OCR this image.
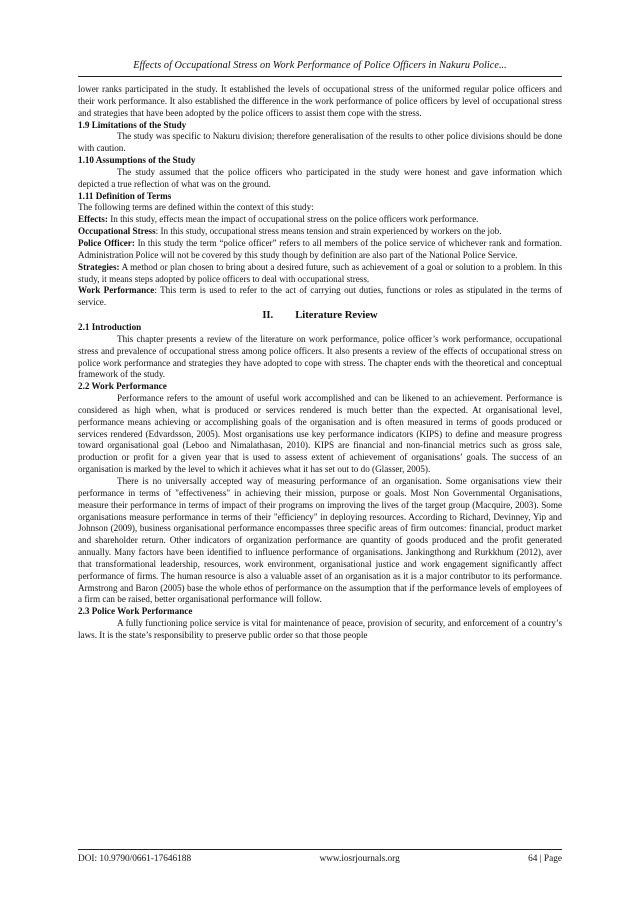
Effects of Occupational Stress on Work Performance of Police Officers in Nakuru Police...

lower ranks participated in the study. It established the levels of occupational stress of the uniformed regular police officers and their work performance. It also established the difference in the work performance of police officers by level of occupational stress and strategies that have been adopted by the police officers to assist them cope with the stress.

1.9 Limitations of the Study

The study was specific to Nakuru division; therefore generalisation of the results to other police divisions should be done with caution.

1.10 Assumptions of the Study

The study assumed that the police officers who participated in the study were honest and gave information which depicted a true reflection of what was on the ground.

1.11 Definition of Terms

The following terms are defined within the context of this study:

Effects: In this study, effects mean the impact of occupational stress on the police officers work performance.

Occupational Stress: In this study, occupational stress means tension and strain experienced by workers on the job.

Police Officer: In this study the term “police officer” refers to all members of the police service of whichever rank and formation. Administration Police will not be covered by this study though by definition are also part of the National Police Service.

Strategies: A method or plan chosen to bring about a desired future, such as achievement of a goal or solution to a problem. In this study, it means steps adopted by police officers to deal with occupational stress.

Work Performance: This term is used to refer to the act of carrying out duties, functions or roles as stipulated in the terms of service.

II. Literature Review

2.1 Introduction

This chapter presents a review of the literature on work performance, police officer’s work performance, occupational stress and prevalence of occupational stress among police officers. It also presents a review of the effects of occupational stress on police work performance and strategies they have adopted to cope with stress. The chapter ends with the theoretical and conceptual framework of the study.

2.2 Work Performance

Performance refers to the amount of useful work accomplished and can be likened to an achievement. Performance is considered as high when, what is produced or services rendered is much better than the expected. At organisational level, performance means achieving or accomplishing goals of the organisation and is often measured in terms of goods produced or services rendered (Edvardsson, 2005). Most organisations use key performance indicators (KIPS) to define and measure progress toward organisational goal (Leboo and Nimalathasan, 2010). KIPS are financial and non-financial metrics such as gross sale, production or profit for a given year that is used to assess extent of achievement of organisations’ goals. The success of an organisation is marked by the level to which it achieves what it has set out to do (Glasser, 2005).

There is no universally accepted way of measuring performance of an organisation. Some organisations view their performance in terms of "effectiveness" in achieving their mission, purpose or goals. Most Non Governmental Organisations, measure their performance in terms of impact of their programs on improving the lives of the target group (Macquire, 2003). Some organisations measure performance in terms of their "efficiency" in deploying resources. According to Richard, Devinney, Yip and Johnson (2009), business organisational performance encompasses three specific areas of firm outcomes: financial, product market and shareholder return. Other indicators of organization performance are quantity of goods produced and the profit generated annually. Many factors have been identified to influence performance of organisations. Jankingthong and Rurkkhum (2012), aver that transformational leadership, resources, work environment, organisational justice and work engagement significantly affect performance of firms. The human resource is also a valuable asset of an organisation as it is a major contributor to its performance. Armstrong and Baron (2005) base the whole ethos of performance on the assumption that if the performance levels of employees of a firm can be raised, better organisational performance will follow.

2.3 Police Work Performance

A fully functioning police service is vital for maintenance of peace, provision of security, and enforcement of a country’s laws. It is the state’s responsibility to preserve public order so that those people

DOI: 10.9790/0661-17646188	www.iosrjournals.org	64 | Page
